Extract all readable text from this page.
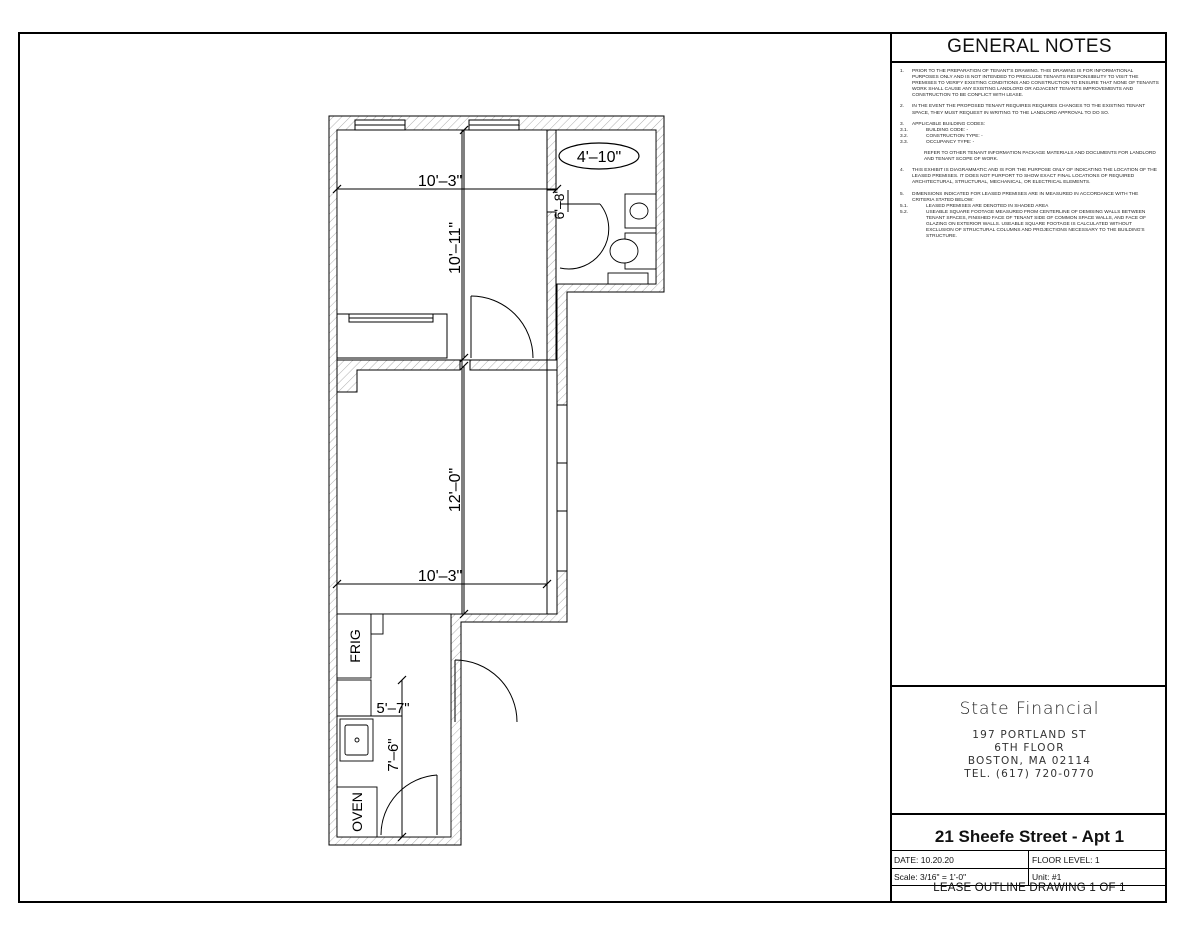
10'–3"
10'–11"
4'–10"
6'–8"
12'–0"
10'–3"
5'–7"
7'–6"
FRIG
OVEN
GENERAL NOTES
1.	PRIOR TO THE PREPARATION OF TENANT'S DRAWING. THIS DRAWING IS FOR INFORMATIONAL PURPOSES ONLY AND IS NOT INTENDED TO PRECLUDE TENANTS RESPONSIBILITY TO VISIT THE PREMISES TO VERIFY EXISTING CONDITIONS AND CONSTRUCTION TO ENSURE THAT NONE OF TENANTS WORK SHALL CAUSE ANY EXISTING LANDLORD OR ADJACENT TENANTS IMPROVEMENTS AND CONSTRUCTION TO BE CONFLICT WITH LEASE.
2.	IN THE EVENT THE PROPOSED TENANT REQUIRES REQUIRES CHANGES TO THE EXISTING TENANT SPACE, THEY MUST REQUEST IN WRITING TO THE LANDLORD APPROVAL TO DO SO.
3.	APPLICABLE BUILDING CODES:
3.1.	BUILDING CODE: -
3.2.	CONSTRUCTION TYPE: -
3.3.	OCCUPANCY TYPE: -
REFER TO OTHER TENANT INFORMATION PACKAGE MATERIALS AND DOCUMENTS FOR LANDLORD AND TENANT SCOPE OF WORK.
4.	THIS EXHIBIT IS DIAGRAMMATIC AND IS FOR THE PURPOSE ONLY OF INDICATING THE LOCATION OF THE LEASED PREMISES. IT DOES NOT PURPORT TO SHOW EXACT FINAL LOCATIONS OF REQUIRED ARCHITECTURAL, STRUCTURAL, MECHANICAL, OR ELECTRICAL ELEMENTS.
5.	DIMENSIONS INDICATED FOR LEASED PREMISES ARE IN MEASURED IN ACCORDANCE WITH THE CRITERIA STATED BELOW:
5.1.	LEASED PREMISES ARE DENOTED IN SHADED AREA
5.2.	USEABLE SQUARE FOOTAGE MEASURED FROM CENTERLINE OF DEMISING WALLS BETWEEN TENANT SPACES, FINISHED FACE OF TENANT SIDE OF COMMON SPACE WALLS, AND FACE OF GLAZING ON EXTERIOR WALLS. USEABLE SQUARE FOOTAGE IS CALCULATED WITHOUT EXCLUSION OF STRUCTURAL COLUMNS AND PROJECTIONS NECESSARY TO THE BUILDING'S STRUCTURE.
State Financial
197 PORTLAND ST
6TH FLOOR
BOSTON, MA 02114
TEL. (617) 720-0770
21 Sheefe Street - Apt 1
DATE: 10.20.20	FLOOR LEVEL: 1
Scale: 3/16" = 1'-0"	Unit: #1
LEASE OUTLINE DRAWING 1 OF 1
